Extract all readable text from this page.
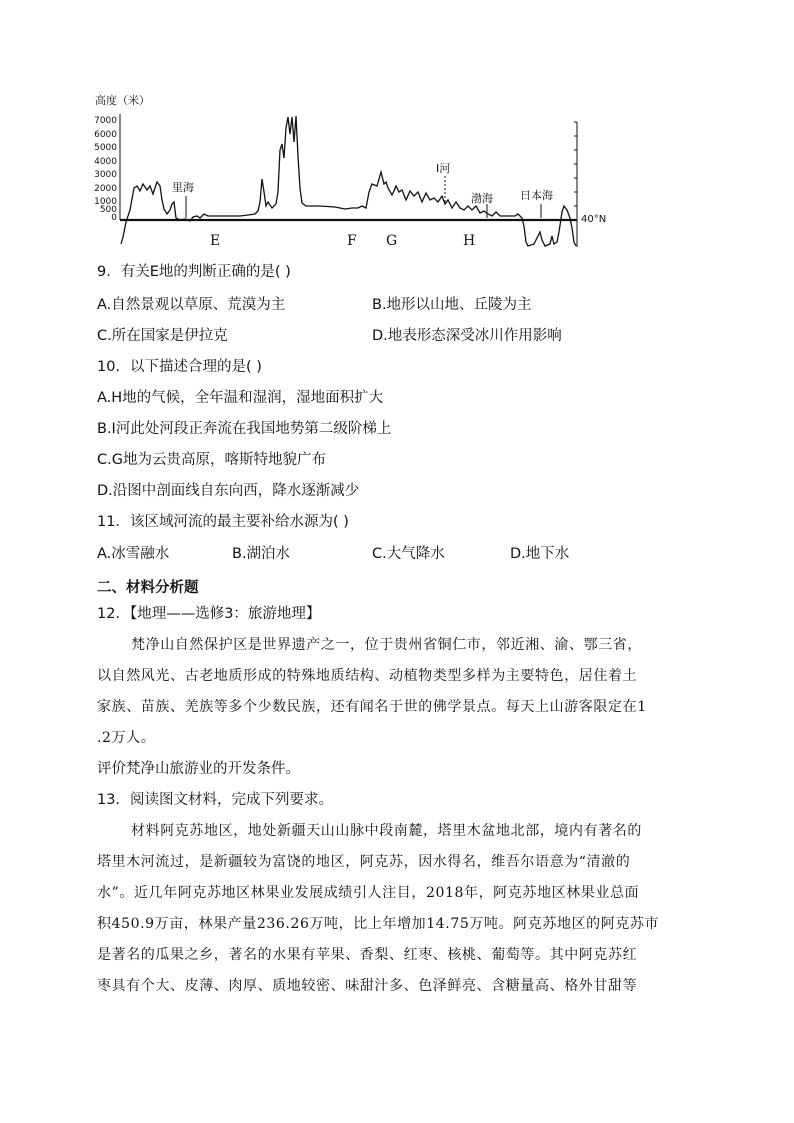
高度（米）
7000
6000
5000
4000
3000
2000
1000
500
0	40°N
里海
I河
渤海 日本海
E	F G	H
9．有关E地的判断正确的是( )
A.自然景观以草原、荒漠为主	B.地形以山地、丘陵为主
C.所在国家是伊拉克	D.地表形态深受冰川作用影响
10．以下描述合理的是( )
A.H地的气候，全年温和湿润，湿地面积扩大
B.I河此处河段正奔流在我国地势第二级阶梯上
C.G地为云贵高原，喀斯特地貌广布
D.沿图中剖面线自东向西，降水逐渐减少
11．该区域河流的最主要补给水源为( )
A.冰雪融水	B.湖泊水	C.大气降水	D.地下水
二、材料分析题
12．【地理——选修3：旅游地理】
梵净山自然保护区是世界遗产之一，位于贵州省铜仁市，邻近湘、渝、鄂三省，
以自然风光、古老地质形成的特殊地质结构、动植物类型多样为主要特色，居住着土
家族、苗族、羌族等多个少数民族，还有闻名于世的佛学景点。每天上山游客限定在1
.2万人。
评价梵净山旅游业的开发条件。
13．阅读图文材料，完成下列要求。
材料阿克苏地区，地处新疆天山山脉中段南麓，塔里木盆地北部，境内有著名的
塔里木河流过，是新疆较为富饶的地区，阿克苏，因水得名，维吾尔语意为“清澈的
水”。近几年阿克苏地区林果业发展成绩引人注目，2018年，阿克苏地区林果业总面
积450.9万亩，林果产量236.26万吨，比上年增加14.75万吨。阿克苏地区的阿克苏市
是著名的瓜果之乡，著名的水果有苹果、香梨、红枣、核桃、葡萄等。其中阿克苏红
枣具有个大、皮薄、肉厚、质地较密、味甜汁多、色泽鲜亮、含糖量高、格外甘甜等
